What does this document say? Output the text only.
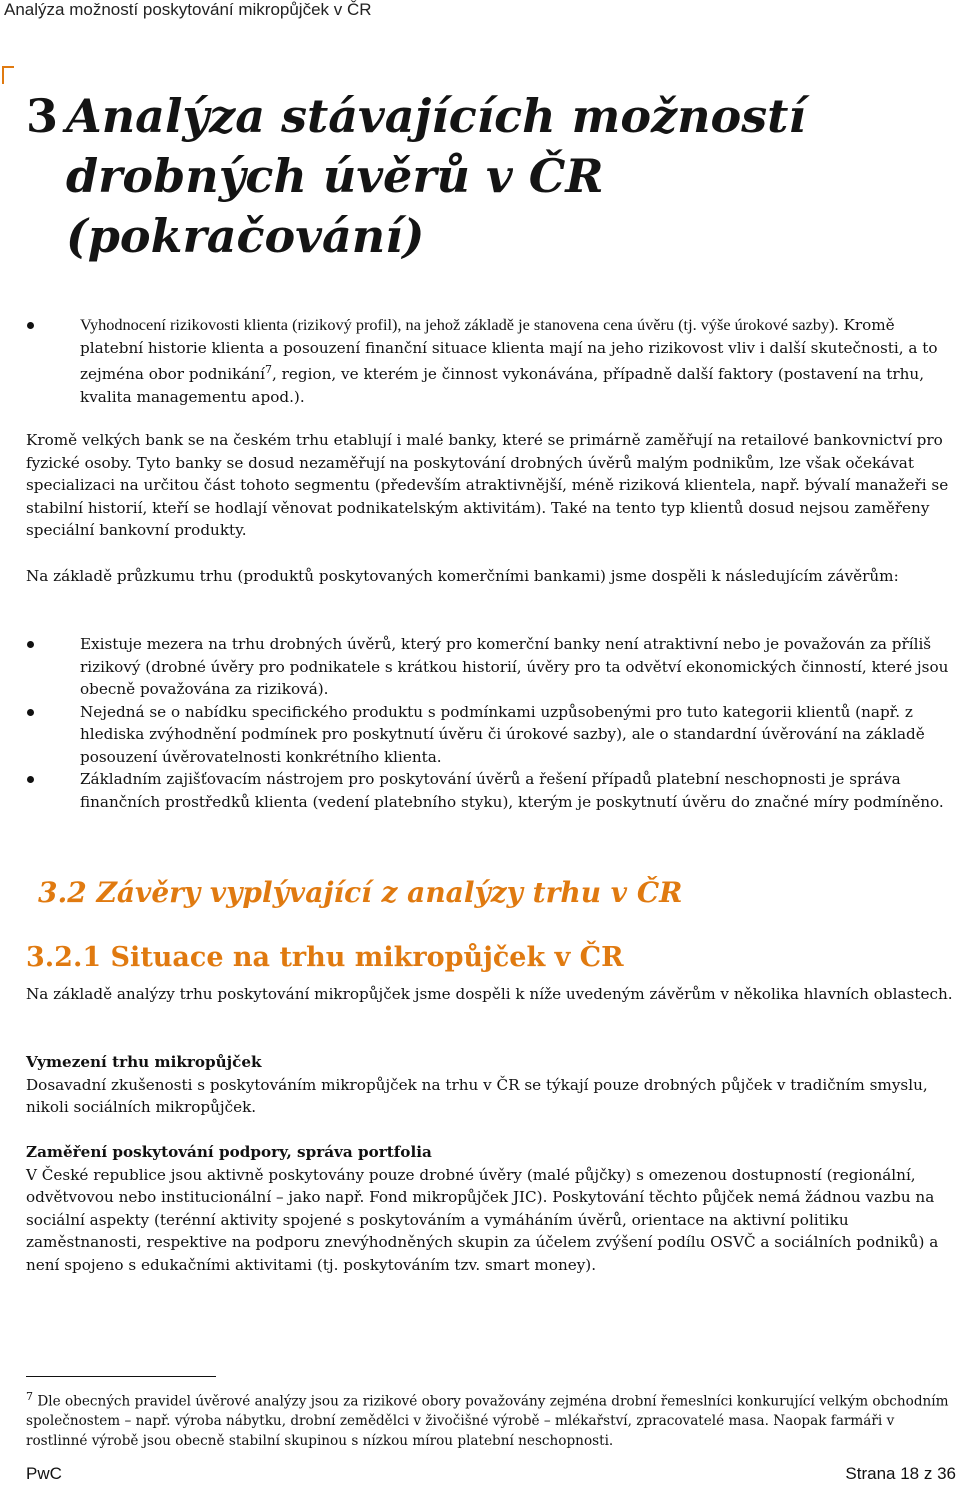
Analýza možností poskytování mikropůjček v ČR
3 Analýza stávajících možností
drobných úvěrů v ČR
(pokračování)
Vyhodnocení rizikovosti klienta (rizikový profil), na jehož základě je stanovena cena úvěru (tj. výše úrokové sazby). Kromě platební historie klienta a posouzení finanční situace klienta mají na jeho rizikovost vliv i další skutečnosti, a to zejména obor podnikání$^7$, region, ve kterém je činnost vykonávána, případně další faktory (postavení na trhu, kvalita managementu apod.).

Kromě velkých bank se na českém trhu etablují i malé banky, které se primárně zaměřují na retailové bankovnictví pro fyzické osoby. Tyto banky se dosud nezaměřují na poskytování drobných úvěrů malým podnikům, lze však očekávat specializaci na určitou část tohoto segmentu (především atraktivnější, méně riziková klientela, např. bývalí manažeři se stabilní historií, kteří se hodlají věnovat podnikatelským aktivitám). Také na tento typ klientů dosud nejsou zaměřeny speciální bankovní produkty.

Na základě průzkumu trhu (produktů poskytovaných komerčními bankami) jsme dospěli k následujícím závěrům:

Existuje mezera na trhu drobných úvěrů, který pro komerční banky není atraktivní nebo je považován za příliš rizikový (drobné úvěry pro podnikatele s krátkou historií, úvěry pro ta odvětví ekonomických činností, které jsou obecně považována za riziková).
Nejedná se o nabídku specifického produktu s podmínkami uzpůsobenými pro tuto kategorii klientů (např. z hlediska zvýhodnění podmínek pro poskytnutí úvěru či úrokové sazby), ale o standardní úvěrování na základě posouzení úvěrovatelnosti konkrétního klienta.
Základním zajišťovacím nástrojem pro poskytování úvěrů a řešení případů platební neschopnosti je správa finančních prostředků klienta (vedení platebního styku), kterým je poskytnutí úvěru do značné míry podmíněno.
3.2 Závěry vyplývající z analýzy trhu v ČR
3.2.1 Situace na trhu mikropůjček v ČR

Na základě analýzy trhu poskytování mikropůjček jsme dospěli k níže uvedeným závěrům v několika hlavních oblastech.

Vymezení trhu mikropůjček

Dosavadní zkušenosti s poskytováním mikropůjček na trhu v ČR se týkají pouze drobných půjček v tradičním smyslu, nikoli sociálních mikropůjček.

Zaměření poskytování podpory, správa portfolia

V České republice jsou aktivně poskytovány pouze drobné úvěry (malé půjčky) s omezenou dostupností (regionální, odvětvovou nebo institucionální – jako např. Fond mikropůjček JIC). Poskytování těchto půjček nemá žádnou vazbu na sociální aspekty (terénní aktivity spojené s poskytováním a vymáháním úvěrů, orientace na aktivní politiku zaměstnanosti, respektive na podporu znevýhodněných skupin za účelem zvýšení podílu OSVČ a sociálních podniků) a není spojeno s edukačními aktivitami (tj. poskytováním tzv. smart money).

$^7$ Dle obecných pravidel úvěrové analýzy jsou za rizikové obory považovány zejména drobní řemeslníci konkurující velkým obchodním společnostem – např. výroba nábytku, drobní zemědělci v živočišné výrobě – mlékařství, zpracovatelé masa. Naopak farmáři v rostlinné výrobě jsou obecně stabilní skupinou s nízkou mírou platební neschopnosti.
PwC	Strana 18 z 36
